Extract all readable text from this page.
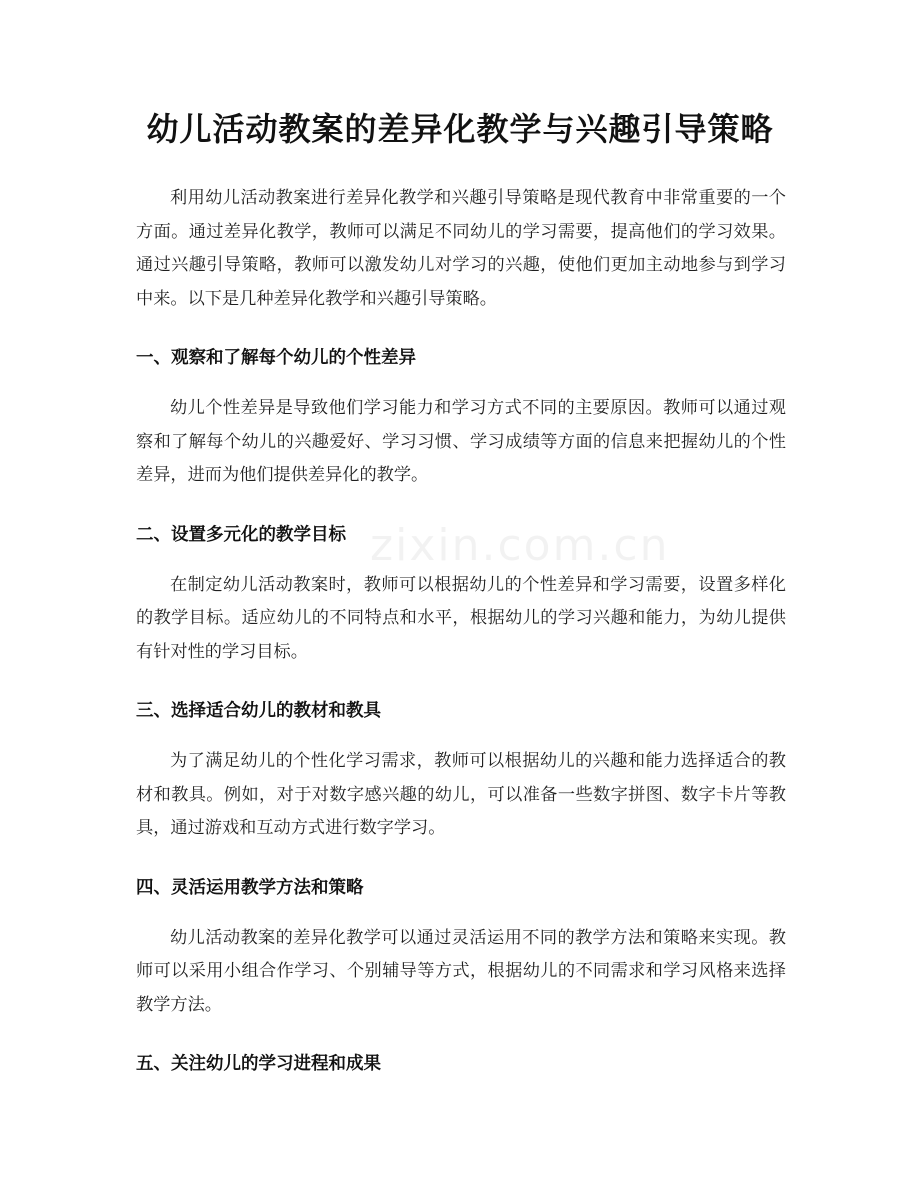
幼儿活动教案的差异化教学与兴趣引导策略
zixin.com.cn

利用幼儿活动教案进行差异化教学和兴趣引导策略是现代教育中非常重要的一个方面。通过差异化教学，教师可以满足不同幼儿的学习需要，提高他们的学习效果。通过兴趣引导策略，教师可以激发幼儿对学习的兴趣，使他们更加主动地参与到学习中来。以下是几种差异化教学和兴趣引导策略。

一、观察和了解每个幼儿的个性差异

幼儿个性差异是导致他们学习能力和学习方式不同的主要原因。教师可以通过观察和了解每个幼儿的兴趣爱好、学习习惯、学习成绩等方面的信息来把握幼儿的个性差异，进而为他们提供差异化的教学。

二、设置多元化的教学目标

在制定幼儿活动教案时，教师可以根据幼儿的个性差异和学习需要，设置多样化的教学目标。适应幼儿的不同特点和水平，根据幼儿的学习兴趣和能力，为幼儿提供有针对性的学习目标。

三、选择适合幼儿的教材和教具

为了满足幼儿的个性化学习需求，教师可以根据幼儿的兴趣和能力选择适合的教材和教具。例如，对于对数字感兴趣的幼儿，可以准备一些数字拼图、数字卡片等教具，通过游戏和互动方式进行数字学习。

四、灵活运用教学方法和策略

幼儿活动教案的差异化教学可以通过灵活运用不同的教学方法和策略来实现。教师可以采用小组合作学习、个别辅导等方式，根据幼儿的不同需求和学习风格来选择教学方法。

五、关注幼儿的学习进程和成果
